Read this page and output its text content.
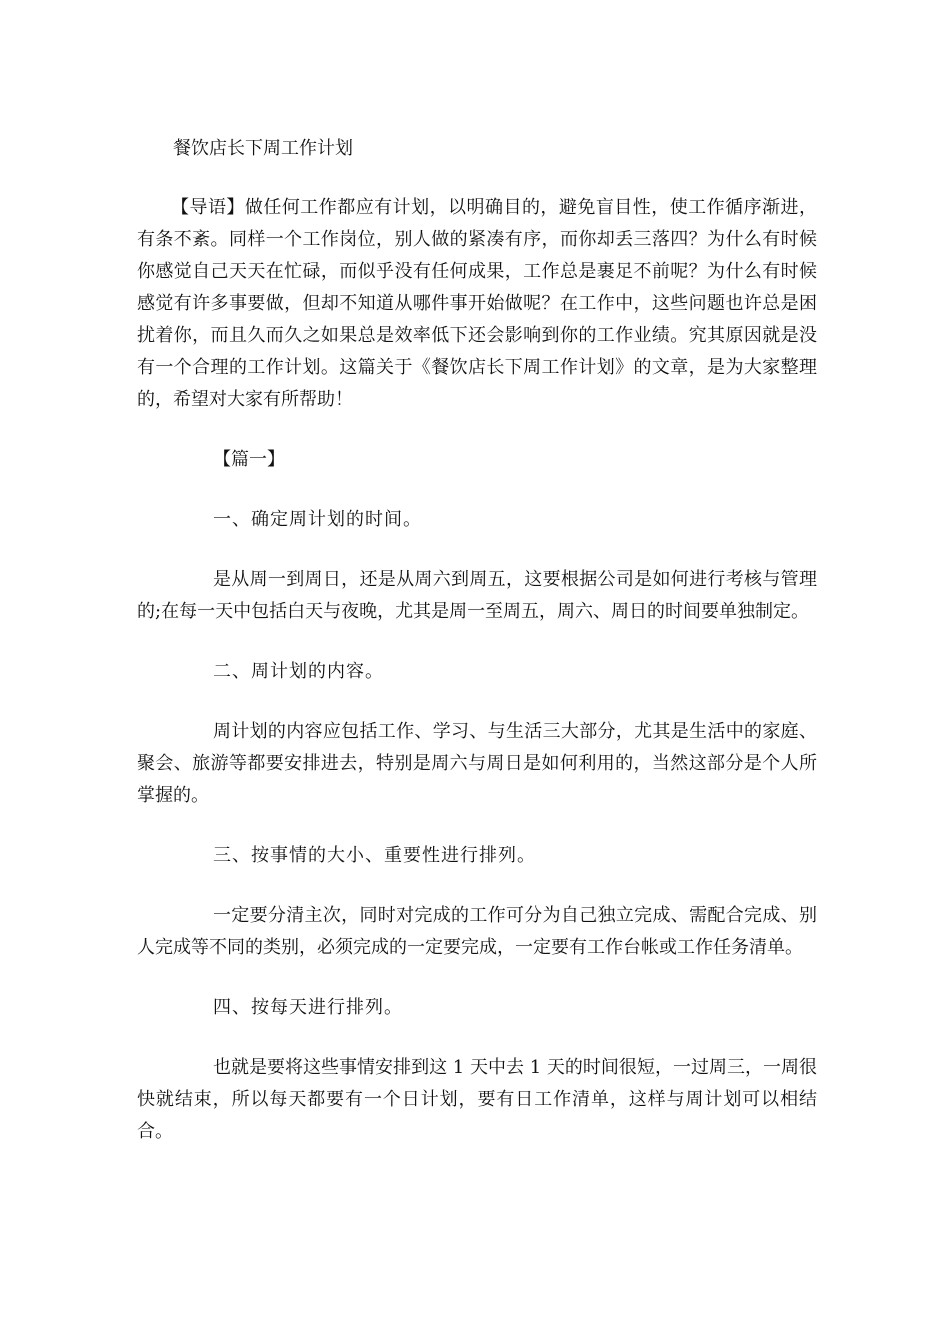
餐饮店长下周工作计划

【导语】做任何工作都应有计划，以明确目的，避免盲目性，使工作循序渐进，有条不紊。同样一个工作岗位，别人做的紧凑有序，而你却丢三落四？为什么有时候你感觉自己天天在忙碌，而似乎没有任何成果，工作总是裹足不前呢？为什么有时候感觉有许多事要做，但却不知道从哪件事开始做呢？在工作中，这些问题也许总是困扰着你，而且久而久之如果总是效率低下还会影响到你的工作业绩。究其原因就是没有一个合理的工作计划。这篇关于《餐饮店长下周工作计划》的文章，是为大家整理的，希望对大家有所帮助！

【篇一】

一、确定周计划的时间。

是从周一到周日，还是从周六到周五，这要根据公司是如何进行考核与管理的;在每一天中包括白天与夜晚，尤其是周一至周五，周六、周日的时间要单独制定。

二、周计划的内容。

周计划的内容应包括工作、学习、与生活三大部分，尤其是生活中的家庭、聚会、旅游等都要安排进去，特别是周六与周日是如何利用的，当然这部分是个人所掌握的。

三、按事情的大小、重要性进行排列。

一定要分清主次，同时对完成的工作可分为自己独立完成、需配合完成、别人完成等不同的类别，必须完成的一定要完成，一定要有工作台帐或工作任务清单。

四、按每天进行排列。

也就是要将这些事情安排到这 1 天中去 1 天的时间很短，一过周三，一周很快就结束，所以每天都要有一个日计划，要有日工作清单，这样与周计划可以相结合。
